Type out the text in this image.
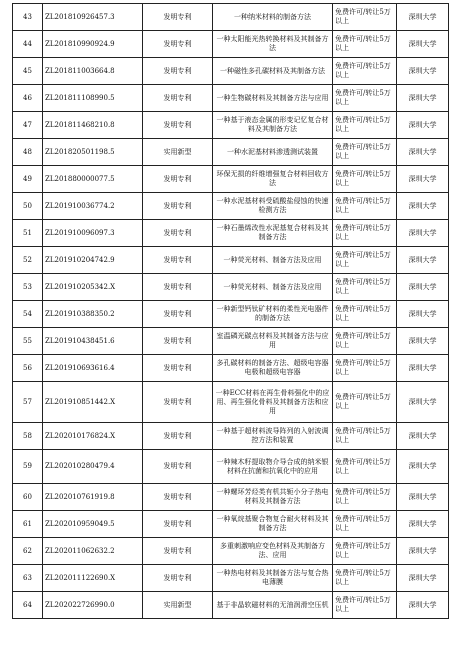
43	ZL201810926457.3	发明专利	一种纳米材料的制备方法	免费许可/转让5万以上	深圳大学
44	ZL201810990924.9	发明专利	一种太阳能光热转换材料及其制备方法	免费许可/转让5万以上	深圳大学
45	ZL201811003664.8	发明专利	一种磁性多孔碳材料及其制备方法	免费许可/转让5万以上	深圳大学
46	ZL201811108990.5	发明专利	一种生物碳材料及其制备方法与应用	免费许可/转让5万以上	深圳大学
47	ZL201811468210.8	发明专利	一种基于液态金属的形变记忆复合材料及其制备方法	免费许可/转让5万以上	深圳大学
48	ZL201820501198.5	实用新型	一种水泥基材料渗透测试装置	免费许可/转让5万以上	深圳大学
49	ZL201880000077.5	发明专利	环保无损的纤维增强复合材料回收方法	免费许可/转让5万以上	深圳大学
50	ZL201910036774.2	发明专利	一种水泥基材料受硫酸盐侵蚀的快速检测方法	免费许可/转让5万以上	深圳大学
51	ZL201910096097.3	发明专利	一种石墨烯改性水泥基复合材料及其制备方法	免费许可/转让5万以上	深圳大学
52	ZL201910204742.9	发明专利	一种荧光材料、制备方法及应用	免费许可/转让5万以上	深圳大学
53	ZL201910205342.X	发明专利	一种荧光材料、制备方法及应用	免费许可/转让5万以上	深圳大学
54	ZL201910388350.2	发明专利	一种新型钙钛矿材料的柔性光电器件的制备方法	免费许可/转让5万以上	深圳大学
55	ZL201910438451.6	发明专利	室温磷光碳点材料及其制备方法与应用	免费许可/转让5万以上	深圳大学
56	ZL201910693616.4	发明专利	多孔碳材料的制备方法、超级电容器电极和超级电容器	免费许可/转让5万以上	深圳大学
57	ZL201910851442.X	发明专利	一种ECC材料在再生骨料强化中的应用、再生强化骨料及其制备方法和应用	免费许可/转让5万以上	深圳大学
58	ZL202010176824.X	发明专利	一种基于超材料波导阵列的入射波调控方法和装置	免费许可/转让5万以上	深圳大学
59	ZL202010280479.4	发明专利	一种辣木籽提取物介导合成的纳米银材料在抗菌和抗氧化中的应用	免费许可/转让5万以上	深圳大学
60	ZL202010761919.8	发明专利	一种螺环芳烃类有机共轭小分子热电材料及其制备方法	免费许可/转让5万以上	深圳大学
61	ZL202010959049.5	发明专利	一种氧烷基聚合物复合耐火材料及其制备方法	免费许可/转让5万以上	深圳大学
62	ZL202011062632.2	发明专利	多重刺激响应变色材料及其制备方法、应用	免费许可/转让5万以上	深圳大学
63	ZL202011122690.X	发明专利	一种热电材料及其制备方法与复合热电薄膜	免费许可/转让5万以上	深圳大学
64	ZL202022726990.0	实用新型	基于非晶软磁材料的无油润滑空压机	免费许可/转让5万以上	深圳大学
